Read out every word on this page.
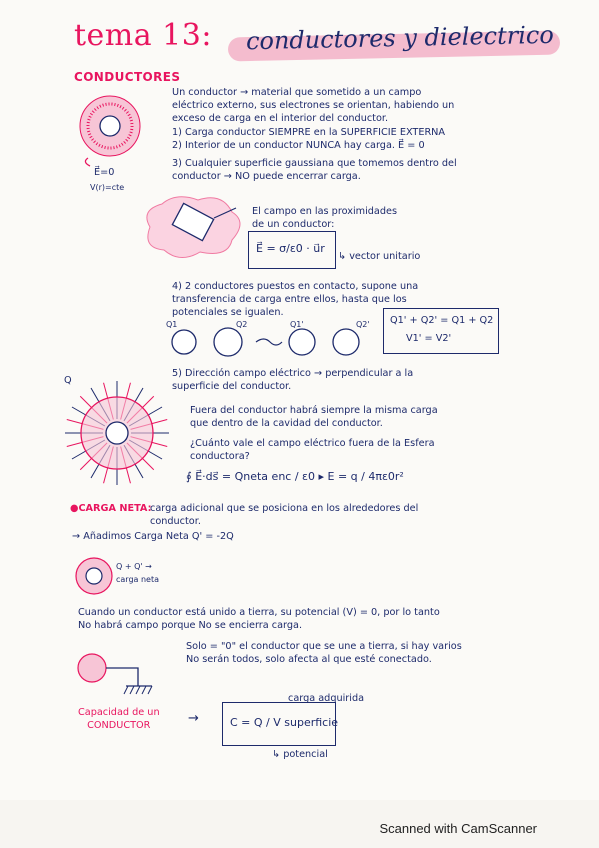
tema 13: conductores y dielectrico
CONDUCTORES
E⃗=0
V(r)=cte
Un conductor → material que sometido a un campo
eléctrico externo, sus electrones se orientan, habiendo un
exceso de carga en el interior del conductor.
1) Carga conductor SIEMPRE en la SUPERFICIE EXTERNA
2) Interior de un conductor NUNCA hay carga. E⃗ = 0
3) Cualquier superficie gaussiana que tomemos dentro del
conductor → NO puede encerrar carga.
El campo en las proximidades
de un conductor:
E⃗ = σ/ε0 · u⃗r
↳ vector unitario
4) 2 conductores puestos en contacto, supone una
transferencia de carga entre ellos, hasta que los
potenciales se igualen.
Q1	Q2	Q1'	Q2' Q1' + Q2' = Q1 + Q2
V1' = V2'
5) Dirección campo eléctrico → perpendicular a la
superficie del conductor.
Q
Fuera del conductor habrá siempre la misma carga
que dentro de la cavidad del conductor.
¿Cuánto vale el campo eléctrico fuera de la Esfera
conductora?
∮ E⃗·ds⃗ = Qneta enc / ε0 ▸ E = q / 4πε0r²
●CARGA NETA:
carga adicional que se posiciona en los alrededores del
conductor.
→ Añadimos Carga Neta Q' = -2Q
Q + Q' → carga neta
Cuando un conductor está unido a tierra, su potencial (V) = 0, por lo tanto
No habrá campo porque No se encierra carga.
Solo = "0" el conductor que se une a tierra, si hay varios
No serán todos, solo afecta al que esté conectado.
Capacidad de un
CONDUCTOR	→	C = Q / V superficie
carga adquirida
↳ potencial
Scanned with CamScanner
